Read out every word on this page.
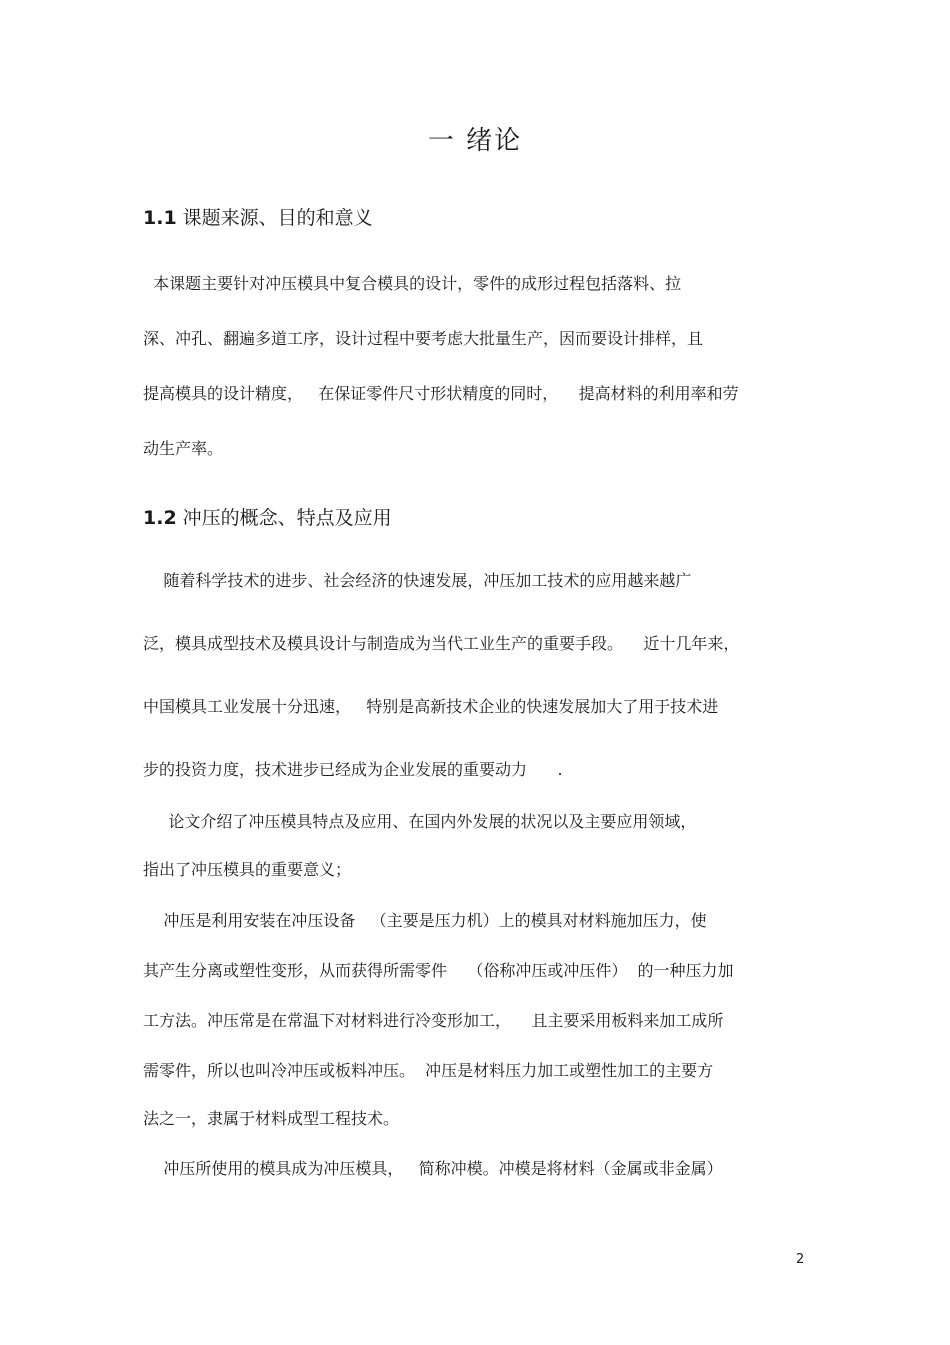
一 绪论
1.1 课题来源、目的和意义
本课题主要针对冲压模具中复合模具的设计，零件的成形过程包括落料、拉
深、冲孔、翻遍多道工序，设计过程中要考虑大批量生产，因而要设计排样，且
提高模具的设计精度，   在保证零件尺寸形状精度的同时，    提高材料的利用率和劳
动生产率。
1.2 冲压的概念、特点及应用
随着科学技术的进步、社会经济的快速发展，冲压加工技术的应用越来越广
泛，模具成型技术及模具设计与制造成为当代工业生产的重要手段。    近十几年来，
中国模具工业发展十分迅速，   特别是高新技术企业的快速发展加大了用于技术进
步的投资力度，技术进步已经成为企业发展的重要动力      .
论文介绍了冲压模具特点及应用、在国内外发展的状况以及主要应用领域，
指出了冲压模具的重要意义；
冲压是利用安装在冲压设备   （主要是压力机）上的模具对材料施加压力，使
其产生分离或塑性变形，从而获得所需零件    （俗称冲压或冲压件）  的一种压力加
工方法。冲压常是在常温下对材料进行冷变形加工，    且主要采用板料来加工成所
需零件，所以也叫冷冲压或板料冲压。  冲压是材料压力加工或塑性加工的主要方
法之一，隶属于材料成型工程技术。
冲压所使用的模具成为冲压模具，   简称冲模。冲模是将材料（金属或非金属）
2
